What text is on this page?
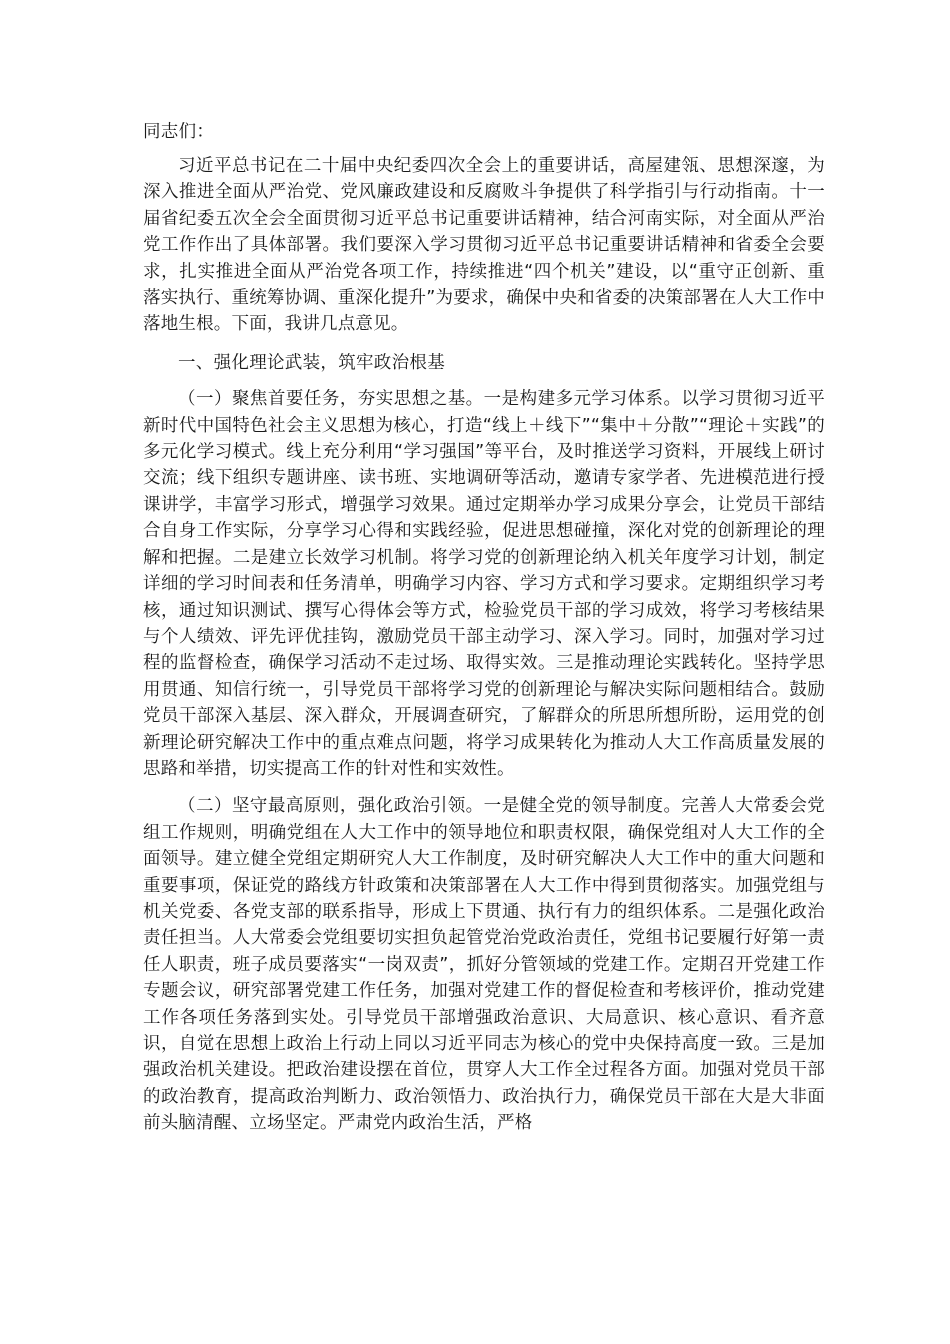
同志们：

习近平总书记在二十届中央纪委四次全会上的重要讲话，高屋建瓴、思想深邃，为深入推进全面从严治党、党风廉政建设和反腐败斗争提供了科学指引与行动指南。十一届省纪委五次全会全面贯彻习近平总书记重要讲话精神，结合河南实际，对全面从严治党工作作出了具体部署。我们要深入学习贯彻习近平总书记重要讲话精神和省委全会要求，扎实推进全面从严治党各项工作，持续推进“四个机关”建设，以“重守正创新、重落实执行、重统筹协调、重深化提升”为要求，确保中央和省委的决策部署在人大工作中落地生根。下面，我讲几点意见。

一、强化理论武装，筑牢政治根基

（一）聚焦首要任务，夯实思想之基。一是构建多元学习体系。以学习贯彻习近平新时代中国特色社会主义思想为核心，打造“线上＋线下”“集中＋分散”“理论＋实践”的多元化学习模式。线上充分利用“学习强国”等平台，及时推送学习资料，开展线上研讨交流；线下组织专题讲座、读书班、实地调研等活动，邀请专家学者、先进模范进行授课讲学，丰富学习形式，增强学习效果。通过定期举办学习成果分享会，让党员干部结合自身工作实际，分享学习心得和实践经验，促进思想碰撞，深化对党的创新理论的理解和把握。二是建立长效学习机制。将学习党的创新理论纳入机关年度学习计划，制定详细的学习时间表和任务清单，明确学习内容、学习方式和学习要求。定期组织学习考核，通过知识测试、撰写心得体会等方式，检验党员干部的学习成效，将学习考核结果与个人绩效、评先评优挂钩，激励党员干部主动学习、深入学习。同时，加强对学习过程的监督检查，确保学习活动不走过场、取得实效。三是推动理论实践转化。坚持学思用贯通、知信行统一，引导党员干部将学习党的创新理论与解决实际问题相结合。鼓励党员干部深入基层、深入群众，开展调查研究，了解群众的所思所想所盼，运用党的创新理论研究解决工作中的重点难点问题，将学习成果转化为推动人大工作高质量发展的思路和举措，切实提高工作的针对性和实效性。

（二）坚守最高原则，强化政治引领。一是健全党的领导制度。完善人大常委会党组工作规则，明确党组在人大工作中的领导地位和职责权限，确保党组对人大工作的全面领导。建立健全党组定期研究人大工作制度，及时研究解决人大工作中的重大问题和重要事项，保证党的路线方针政策和决策部署在人大工作中得到贯彻落实。加强党组与机关党委、各党支部的联系指导，形成上下贯通、执行有力的组织体系。二是强化政治责任担当。人大常委会党组要切实担负起管党治党政治责任，党组书记要履行好第一责任人职责，班子成员要落实“一岗双责”，抓好分管领域的党建工作。定期召开党建工作专题会议，研究部署党建工作任务，加强对党建工作的督促检查和考核评价，推动党建工作各项任务落到实处。引导党员干部增强政治意识、大局意识、核心意识、看齐意识，自觉在思想上政治上行动上同以习近平同志为核心的党中央保持高度一致。三是加强政治机关建设。把政治建设摆在首位，贯穿人大工作全过程各方面。加强对党员干部的政治教育，提高政治判断力、政治领悟力、政治执行力，确保党员干部在大是大非面前头脑清醒、立场坚定。严肃党内政治生活，严格
